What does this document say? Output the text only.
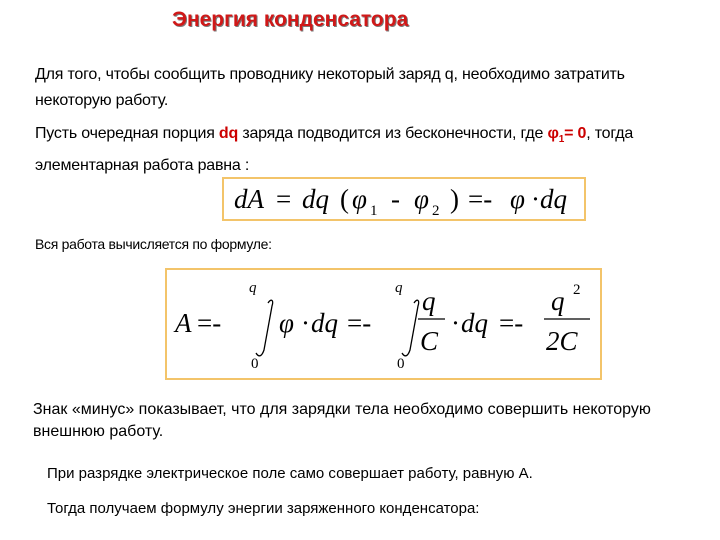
Энергия конденсатора
Для того, чтобы сообщить проводнику некоторый заряд q, необходимо затратить некоторую работу.
Пусть очередная порция dq заряда подводится из бесконечности, где $\varphi_1= 0$, тогда элементарная работа равна :
dA = dq ( φ 1 - φ 2 ) =- φ · dq
Вся работа вычисляется по формуле:
A =-
q
0
φ · dq =-
q
0
q
C
· dq =-
q 2
2C
Знак «минус» показывает, что для зарядки тела необходимо совершить некоторую внешнюю работу.
При разрядке электрическое поле само совершает работу, равную A.
Тогда получаем формулу энергии заряженного конденсатора:
